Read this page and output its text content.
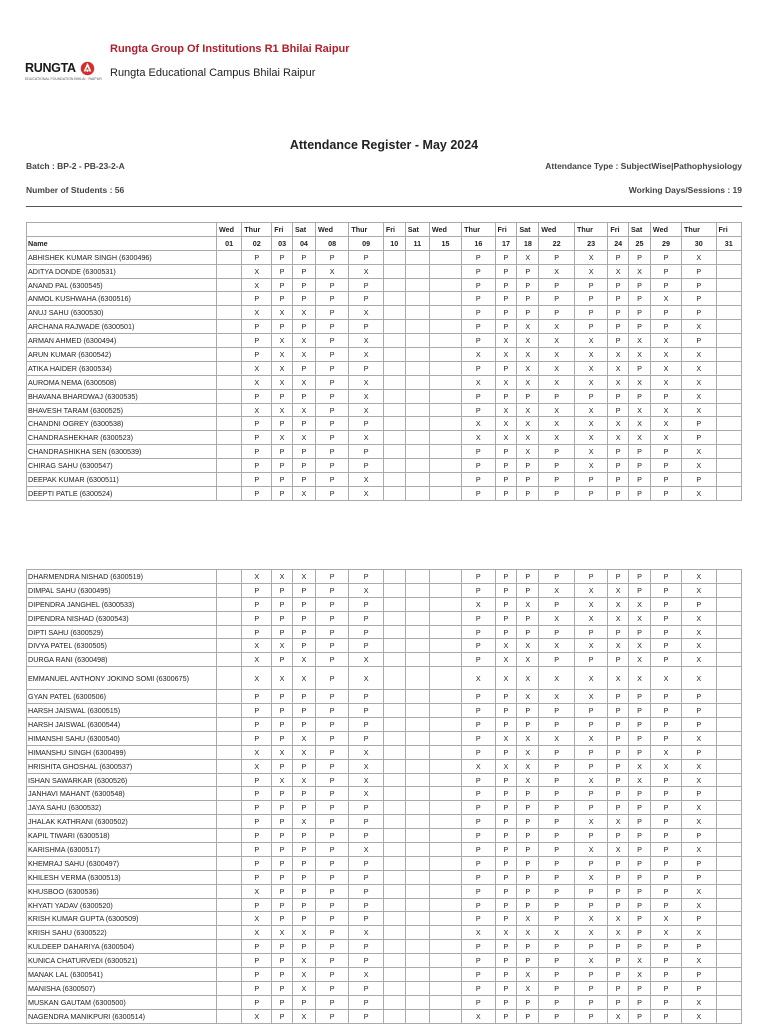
Rungta Group Of Institutions R1 Bhilai Raipur
RUNGTA
EDUCATIONAL FOUNDATION BHILAI · RAIPUR Rungta Educational Campus Bhilai Raipur
Attendance Register - May 2024
Batch : BP-2 - PB-23-2-A	Attendance Type : SubjectWise|Pathophysiology
Number of Students : 56	Working Days/Sessions : 19
	Wed	Thur	Fri	Sat	Wed	Thur	Fri	Sat	Wed	Thur	Fri	Sat	Wed	Thur	Fri	Sat	Wed	Thur	Fri
Name	01	02	03	04	08	09	10	11	15	16	17	18	22	23	24	25	29	30	31
ABHISHEK KUMAR SINGH (6300496)		P	P	P	P	P				P	P	X	P	X	P	P	P	X	
ADITYA DONDE (6300531)		X	P	P	X	X				P	P	P	X	X	X	X	P	P	
ANAND PAL (6300545)		X	P	P	P	P				P	P	P	P	P	P	P	P	P	
ANMOL KUSHWAHA (6300516)		P	P	P	P	P				P	P	P	P	P	P	P	X	P	
ANUJ SAHU (6300530)		X	X	X	P	X				P	P	P	P	P	P	P	P	P	
ARCHANA RAJWADE (6300501)		P	P	P	P	P				P	P	X	X	P	P	P	P	X	
ARMAN AHMED (6300494)		P	X	X	P	X				P	X	X	X	X	P	X	X	P	
ARUN KUMAR (6300542)		P	X	X	P	X				X	X	X	X	X	X	X	X	X	
ATIKA HAIDER (6300534)		X	X	P	P	P				P	P	X	X	X	X	P	X	X	
AUROMA NEMA (6300508)		X	X	X	P	X				X	X	X	X	X	X	X	X	X	
BHAVANA BHARDWAJ (6300535)		P	P	P	P	X				P	P	P	P	P	P	P	P	X	
BHAVESH TARAM (6300525)		X	X	X	P	X				P	X	X	X	X	P	X	X	X	
CHANDNI OGREY (6300538)		P	P	P	P	P				X	X	X	X	X	X	X	X	P	
CHANDRASHEKHAR (6300523)		P	X	X	P	X				X	X	X	X	X	X	X	X	P	
CHANDRASHIKHA SEN (6300539)		P	P	P	P	P				P	P	X	P	X	P	P	P	X	
CHIRAG SAHU (6300547)		P	P	P	P	P				P	P	P	P	X	P	P	P	X	
DEEPAK KUMAR (6300511)		P	P	P	P	X				P	P	P	P	P	P	P	P	P	
DEEPTI PATLE (6300524)		P	P	X	P	X				P	P	P	P	P	P	P	P	X	
DHARMENDRA NISHAD (6300519)		X	X	X	P	P				P	P	P	P	P	P	P	P	X	
DIMPAL SAHU (6300495)		P	P	P	P	X				P	P	P	X	X	X	P	P	X	
DIPENDRA JANGHEL (6300533)		P	P	P	P	P				X	P	X	P	X	X	X	P	P	
DIPENDRA NISHAD (6300543)		P	P	P	P	P				P	P	P	X	X	X	X	P	X	
DIPTI SAHU (6300529)		P	P	P	P	P				P	P	P	P	P	P	P	P	X	
DIVYA PATEL (6300505)		X	X	P	P	P				P	X	X	X	X	X	X	P	X	
DURGA RANI (6300498)		X	P	X	P	X				P	X	X	P	P	P	X	P	X	
EMMANUEL ANTHONY JOKINO SOMI (6300675)		X	X	X	P	X				X	X	X	X	X	X	X	X	X	
GYAN PATEL (6300506)		P	P	P	P	P				P	P	X	X	X	P	P	P	P	
HARSH JAISWAL (6300515)		P	P	P	P	P				P	P	P	P	P	P	P	P	P	
HARSH JAISWAL (6300544)		P	P	P	P	P				P	P	P	P	P	P	P	P	P	
HIMANSHI SAHU (6300540)		P	P	X	P	P				P	X	X	X	X	P	P	P	X	
HIMANSHU SINGH (6300499)		X	X	X	P	X				P	P	X	P	P	P	P	X	P	
HRISHITA GHOSHAL (6300537)		X	P	P	P	X				X	X	X	P	P	P	X	X	X	
ISHAN SAWARKAR (6300526)		P	X	X	P	X				P	P	X	P	X	P	X	P	X	
JANHAVI MAHANT (6300548)		P	P	P	P	X				P	P	P	P	P	P	P	P	P	
JAYA SAHU (6300532)		P	P	P	P	P				P	P	P	P	P	P	P	P	X	
JHALAK KATHRANI (6300502)		P	P	X	P	P				P	P	P	P	X	X	P	P	X	
KAPIL TIWARI (6300518)		P	P	P	P	P				P	P	P	P	P	P	P	P	P	
KARISHMA (6300517)		P	P	P	P	X				P	P	P	P	X	X	P	P	X	
KHEMRAJ SAHU (6300497)		P	P	P	P	P				P	P	P	P	P	P	P	P	P	
KHILESH VERMA (6300513)		P	P	P	P	P				P	P	P	P	X	P	P	P	P	
KHUSBOO (6300536)		X	P	P	P	P				P	P	P	P	P	P	P	P	X	
KHYATI YADAV (6300520)		P	P	P	P	P				P	P	P	P	P	P	P	P	X	
KRISH KUMAR GUPTA (6300509)		X	P	P	P	P				P	P	X	P	X	X	P	X	P	
KRISH SAHU (6300522)		X	X	X	P	X				X	X	X	X	X	X	P	X	X	
KULDEEP DAHARIYA (6300504)		P	P	P	P	P				P	P	P	P	P	P	P	P	P	
KUNICA CHATURVEDI (6300521)		P	P	X	P	P				P	P	P	P	X	P	X	P	X	
MANAK LAL (6300541)		P	P	X	P	X				P	P	X	P	P	P	X	P	P	
MANISHA (6300507)		P	P	X	P	P				P	P	X	P	P	P	P	P	P	
MUSKAN GAUTAM (6300500)		P	P	P	P	P				P	P	P	P	P	P	P	P	X	
NAGENDRA MANIKPURI (6300514)		X	P	X	P	P				X	P	P	P	P	X	P	P	X	
